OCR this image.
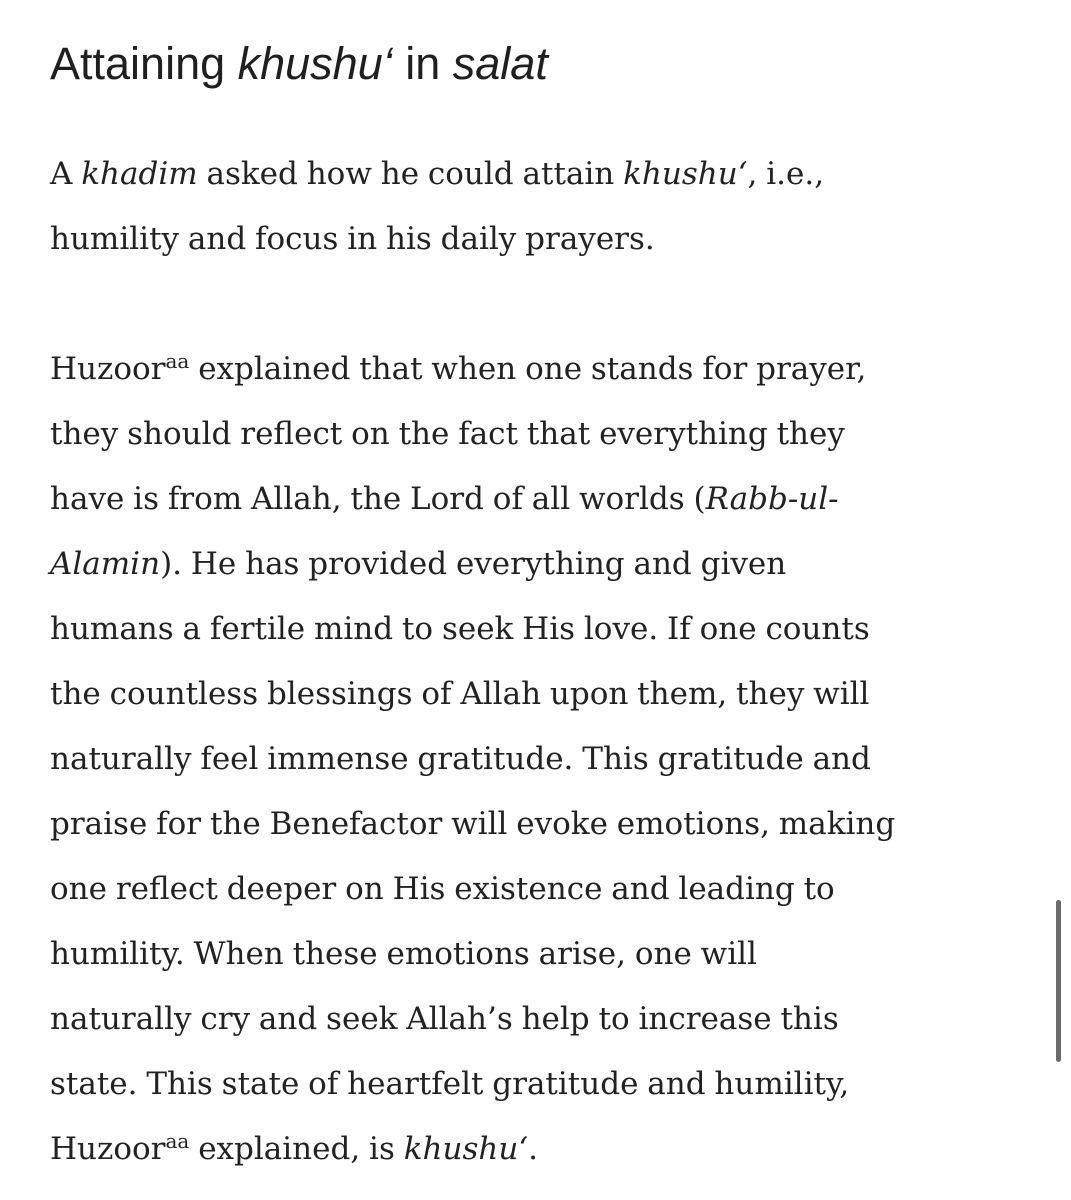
Attaining khushu‘ in salat

A khadim asked how he could attain khushu‘, i.e.,
humility and focus in his daily prayers.

Huzoor$^{aa}$ explained that when one stands for prayer,
they should reflect on the fact that everything they
have is from Allah, the Lord of all worlds (Rabb-ul-
Alamin). He has provided everything and given
humans a fertile mind to seek His love. If one counts
the countless blessings of Allah upon them, they will
naturally feel immense gratitude. This gratitude and
praise for the Benefactor will evoke emotions, making
one reflect deeper on His existence and leading to
humility. When these emotions arise, one will
naturally cry and seek Allah’s help to increase this
state. This state of heartfelt gratitude and humility,
Huzoor$^{aa}$ explained, is khushu‘.
